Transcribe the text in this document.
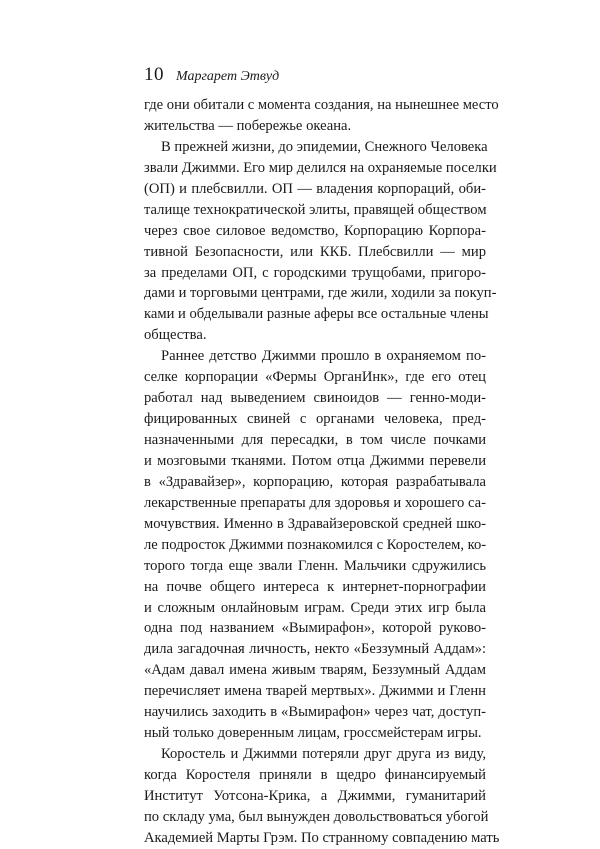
10 Маргарет Этвуд
где они обитали с момента создания, на нынешнее место
жительства — побережье океана.
В прежней жизни, до эпидемии, Снежного Человека
звали Джимми. Его мир делился на охраняемые поселки
(ОП) и плебсвилли. ОП — владения корпораций, оби-
талище технократической элиты, правящей обществом
через свое силовое ведомство, Корпорацию Корпора-
тивной Безопасности, или ККБ. Плебсвилли — мир
за пределами ОП, с городскими трущобами, пригоро-
дами и торговыми центрами, где жили, ходили за покуп-
ками и обделывали разные аферы все остальные члены
общества.
Раннее детство Джимми прошло в охраняемом по-
селке корпорации «Фермы ОрганИнк», где его отец
работал над выведением свиноидов — генно-моди-
фицированных свиней с органами человека, пред-
назначенными для пересадки, в том числе почками
и мозговыми тканями. Потом отца Джимми перевели
в «Здравайзер», корпорацию, которая разрабатывала
лекарственные препараты для здоровья и хорошего са-
мочувствия. Именно в Здравайзеровской средней шко-
ле подросток Джимми познакомился с Коростелем, ко-
торого тогда еще звали Гленн. Мальчики сдружились
на почве общего интереса к интернет-порнографии
и сложным онлайновым играм. Среди этих игр была
одна под названием «Вымирафон», которой руково-
дила загадочная личность, некто «Беззумный Аддам»:
«Адам давал имена живым тварям, Беззумный Аддам
перечисляет имена тварей мертвых». Джимми и Гленн
научились заходить в «Вымирафон» через чат, доступ-
ный только доверенным лицам, гроссмейстерам игры.
Коростель и Джимми потеряли друг друга из виду,
когда Коростеля приняли в щедро финансируемый
Институт Уотсона-Крика, а Джимми, гуманитарий
по складу ума, был вынужден довольствоваться убогой
Академией Марты Грэм. По странному совпадению мать
